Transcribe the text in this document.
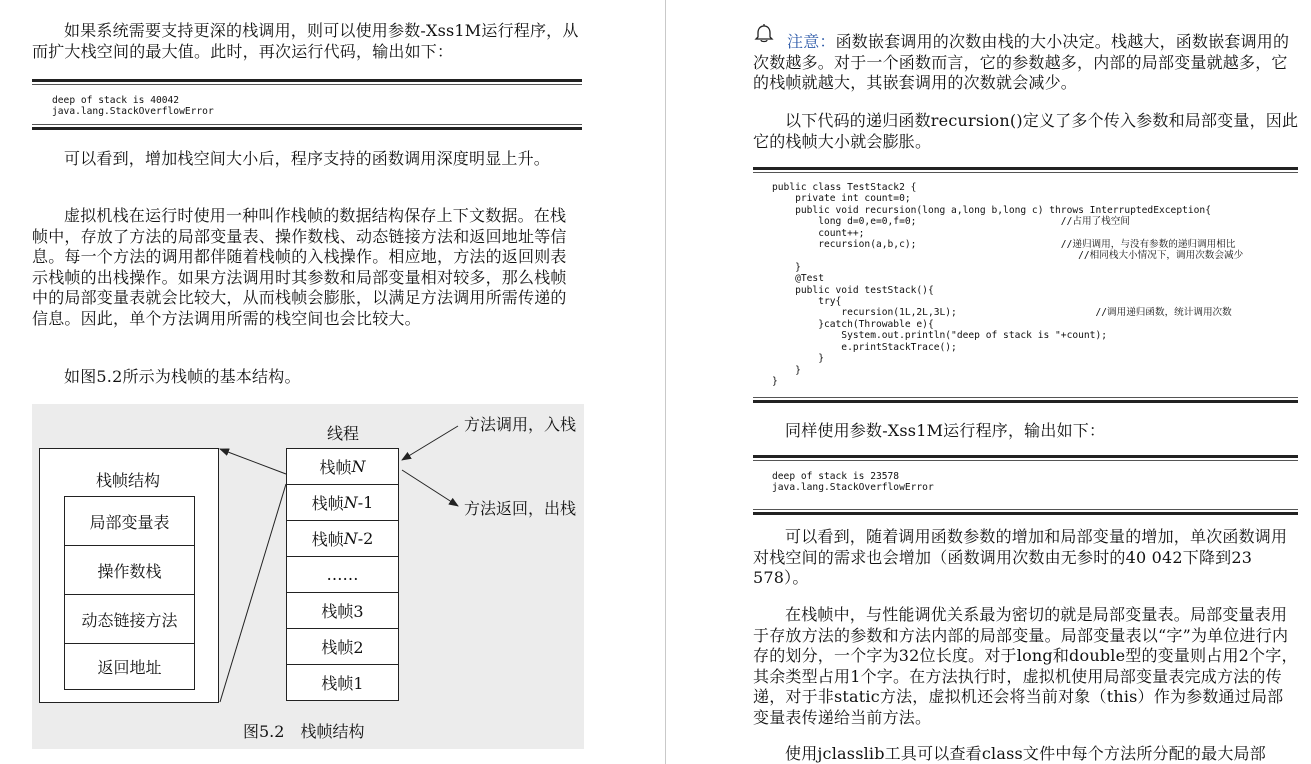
如果系统需要支持更深的栈调用，则可以使用参数-Xss1M运行程序，从而扩大栈空间的最大值。此时，再次运行代码，输出如下：

deep of stack is 40042
java.lang.StackOverflowError

可以看到，增加栈空间大小后，程序支持的函数调用深度明显上升。

虚拟机栈在运行时使用一种叫作栈帧的数据结构保存上下文数据。在栈帧中，存放了方法的局部变量表、操作数栈、动态链接方法和返回地址等信息。每一个方法的调用都伴随着栈帧的入栈操作。相应地，方法的返回则表示栈帧的出栈操作。如果方法调用时其参数和局部变量相对较多，那么栈帧中的局部变量表就会比较大，从而栈帧会膨胀，以满足方法调用所需传递的信息。因此，单个方法调用所需的栈空间也会比较大。

如图5.2所示为栈帧的基本结构。

栈帧结构
局部变量表
操作数栈
动态链接方法
返回地址
线程
栈帧 N
栈帧 N -1
栈帧 N -2
……
栈帧3
栈帧2
栈帧1
方法调用，入栈
方法返回，出栈
图5.2　栈帧结构

注意：函数嵌套调用的次数由栈的大小决定。栈越大，函数嵌套调用的次数越多。对于一个函数而言，它的参数越多，内部的局部变量就越多，它的栈帧就越大，其嵌套调用的次数就会减少。

以下代码的递归函数recursion()定义了多个传入参数和局部变量，因此它的栈帧大小就会膨胀。

public class TestStack2 {
private int count=0;
public void recursion(long a,long b,long c) throws InterruptedException{
long d=0,e=0,f=0;                         //占用了栈空间
count++;
recursion(a,b,c);                         //递归调用，与没有参数的递归调用相比
//相同栈大小情况下，调用次数会减少
}
@Test
public void testStack(){
try{
recursion(1L,2L,3L);                        //调用递归函数，统计调用次数
}catch(Throwable e){
System.out.println("deep of stack is "+count);
e.printStackTrace();
}
}
}

同样使用参数-Xss1M运行程序，输出如下：

deep of stack is 23578
java.lang.StackOverflowError

可以看到，随着调用函数参数的增加和局部变量的增加，单次函数调用对栈空间的需求也会增加（函数调用次数由无参时的40 042下降到23 578）。

在栈帧中，与性能调优关系最为密切的就是局部变量表。局部变量表用于存放方法的参数和方法内部的局部变量。局部变量表以“字”为单位进行内存的划分，一个字为32位长度。对于long和double型的变量则占用2个字，其余类型占用1个字。在方法执行时，虚拟机使用局部变量表完成方法的传递，对于非static方法，虚拟机还会将当前对象（this）作为参数通过局部变量表传递给当前方法。

使用jclasslib工具可以查看class文件中每个方法所分配的最大局部
